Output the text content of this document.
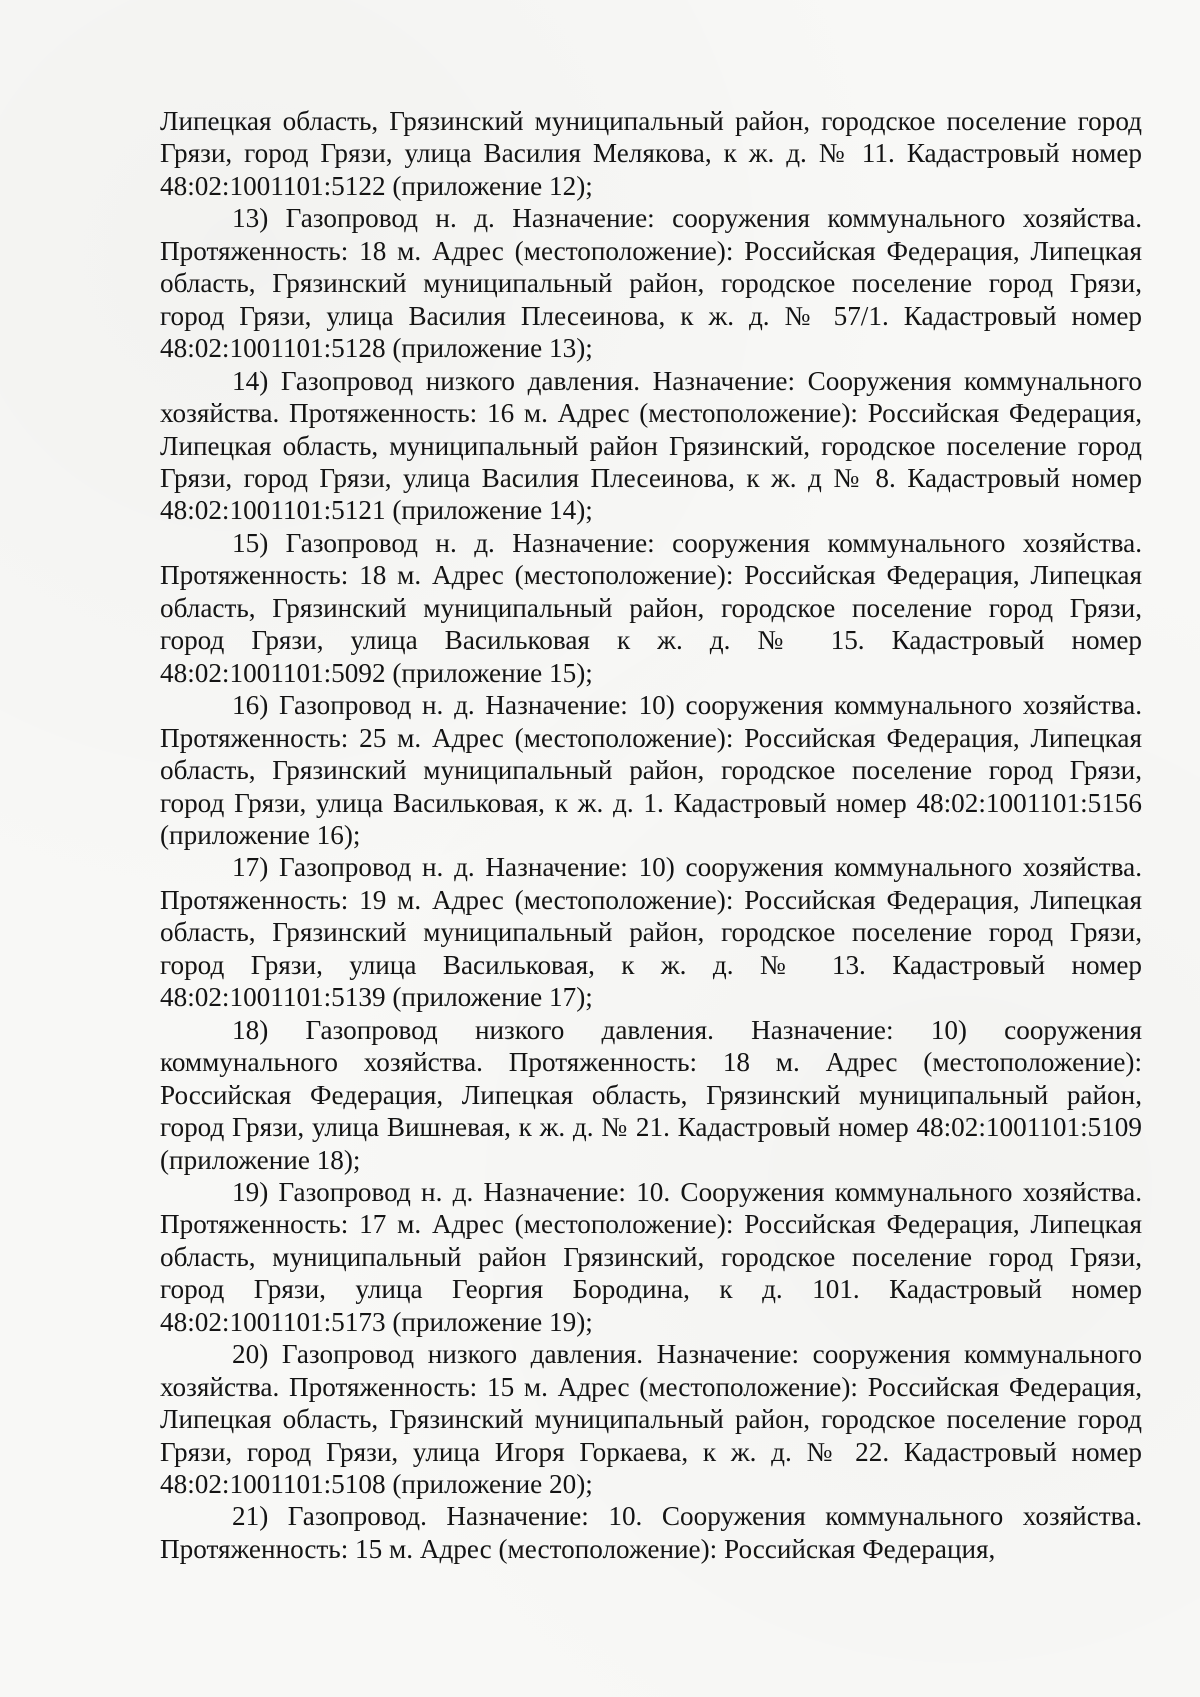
Липецкая область, Грязинский муниципальный район, городское поселение город Грязи, город Грязи, улица Василия Мелякова, к ж. д. № 11. Кадастровый номер 48:02:1001101:5122 (приложение 12);

13) Газопровод н. д. Назначение: сооружения коммунального хозяйства. Протяженность: 18 м. Адрес (местоположение): Российская Федерация, Липецкая область, Грязинский муниципальный район, городское поселение город Грязи, город Грязи, улица Василия Плесеинова, к ж. д. № 57/1. Кадастровый номер 48:02:1001101:5128 (приложение 13);

14) Газопровод низкого давления. Назначение: Сооружения коммунального хозяйства. Протяженность: 16 м. Адрес (местоположение): Российская Федерация, Липецкая область, муниципальный район Грязинский, городское поселение город Грязи, город Грязи, улица Василия Плесеинова, к ж. д № 8. Кадастровый номер 48:02:1001101:5121 (приложение 14);

15) Газопровод н. д. Назначение: сооружения коммунального хозяйства. Протяженность: 18 м. Адрес (местоположение): Российская Федерация, Липецкая область, Грязинский муниципальный район, городское поселение город Грязи, город Грязи, улица Васильковая к ж. д. № 15. Кадастровый номер 48:02:1001101:5092 (приложение 15);

16) Газопровод н. д. Назначение: 10) сооружения коммунального хозяйства. Протяженность: 25 м. Адрес (местоположение): Российская Федерация, Липецкая область, Грязинский муниципальный район, городское поселение город Грязи, город Грязи, улица Васильковая, к ж. д. 1. Кадастровый номер 48:02:1001101:5156 (приложение 16);

17) Газопровод н. д. Назначение: 10) сооружения коммунального хозяйства. Протяженность: 19 м. Адрес (местоположение): Российская Федерация, Липецкая область, Грязинский муниципальный район, городское поселение город Грязи, город Грязи, улица Васильковая, к ж. д. № 13. Кадастровый номер 48:02:1001101:5139 (приложение 17);

18) Газопровод низкого давления. Назначение: 10) сооружения коммунального хозяйства. Протяженность: 18 м. Адрес (местоположение): Российская Федерация, Липецкая область, Грязинский муниципальный район, город Грязи, улица Вишневая, к ж. д. № 21. Кадастровый номер 48:02:1001101:5109 (приложение 18);

19) Газопровод н. д. Назначение: 10. Сооружения коммунального хозяйства. Протяженность: 17 м. Адрес (местоположение): Российская Федерация, Липецкая область, муниципальный район Грязинский, городское поселение город Грязи, город Грязи, улица Георгия Бородина, к д. 101. Кадастровый номер 48:02:1001101:5173 (приложение 19);

20) Газопровод низкого давления. Назначение: сооружения коммунального хозяйства. Протяженность: 15 м. Адрес (местоположение): Российская Федерация, Липецкая область, Грязинский муниципальный район, городское поселение город Грязи, город Грязи, улица Игоря Горкаева, к ж. д. № 22. Кадастровый номер 48:02:1001101:5108 (приложение 20);

21) Газопровод. Назначение: 10. Сооружения коммунального хозяйства. Протяженность: 15 м. Адрес (местоположение): Российская Федерация,
